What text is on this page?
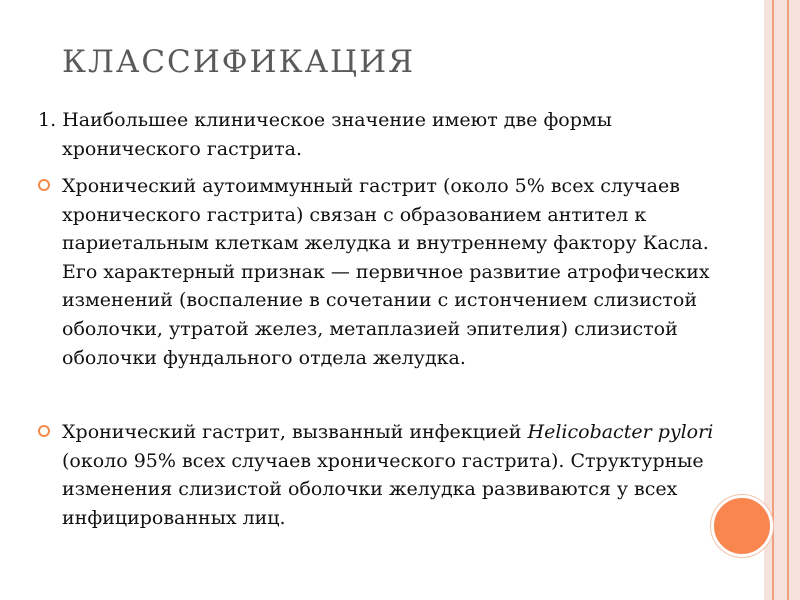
КЛАССИФИКАЦИЯ
1. Наибольшее клиническое значение имеют две формы
хронического гастрита.
Хронический аутоиммунный гастрит (около 5% всех случаев хронического гастрита) связан с образованием антител к париетальным клеткам желудка и внутреннему фактору Касла. Его характерный признак — первичное развитие атрофических изменений (воспаление в сочетании с истончением слизистой оболочки, утратой желез, метаплазией эпителия) слизистой оболочки фундального отдела желудка.
Хронический гастрит, вызванный инфекцией Helicobacter pylori (около 95% всех случаев хронического гастрита). Структурные изменения слизистой оболочки желудка развиваются у всех инфицированных лиц.
